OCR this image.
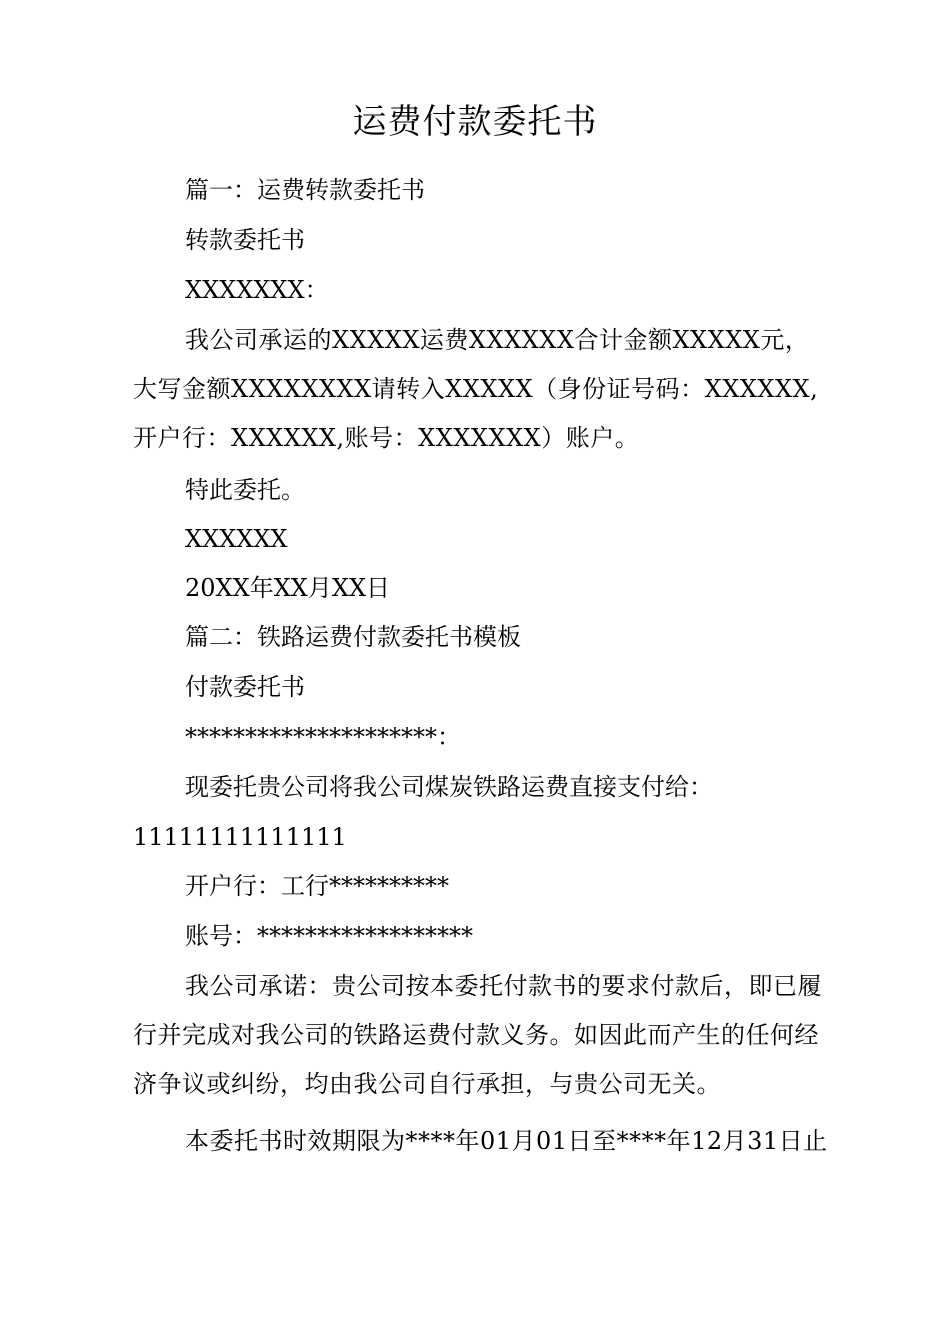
运费付款委托书
篇一：运费转款委托书
转款委托书
XXXXXXX：
我公司承运的XXXXX运费XXXXXX合计金额XXXXX元，大写金额XXXXXXXX请转入XXXXX（身份证号码：XXXXXX,开户行：XXXXXX,账号：XXXXXXX）账户。
特此委托。
XXXXXX
20XX年XX月XX日
篇二：铁路运费付款委托书模板
付款委托书
*********************：
现委托贵公司将我公司煤炭铁路运费直接支付给：
11111111111111
开户行：工行**********
账号：******************
我公司承诺：贵公司按本委托付款书的要求付款后，即已履行并完成对我公司的铁路运费付款义务。如因此而产生的任何经济争议或纠纷，均由我公司自行承担，与贵公司无关。
本委托书时效期限为****年01月01日至****年12月31日止
